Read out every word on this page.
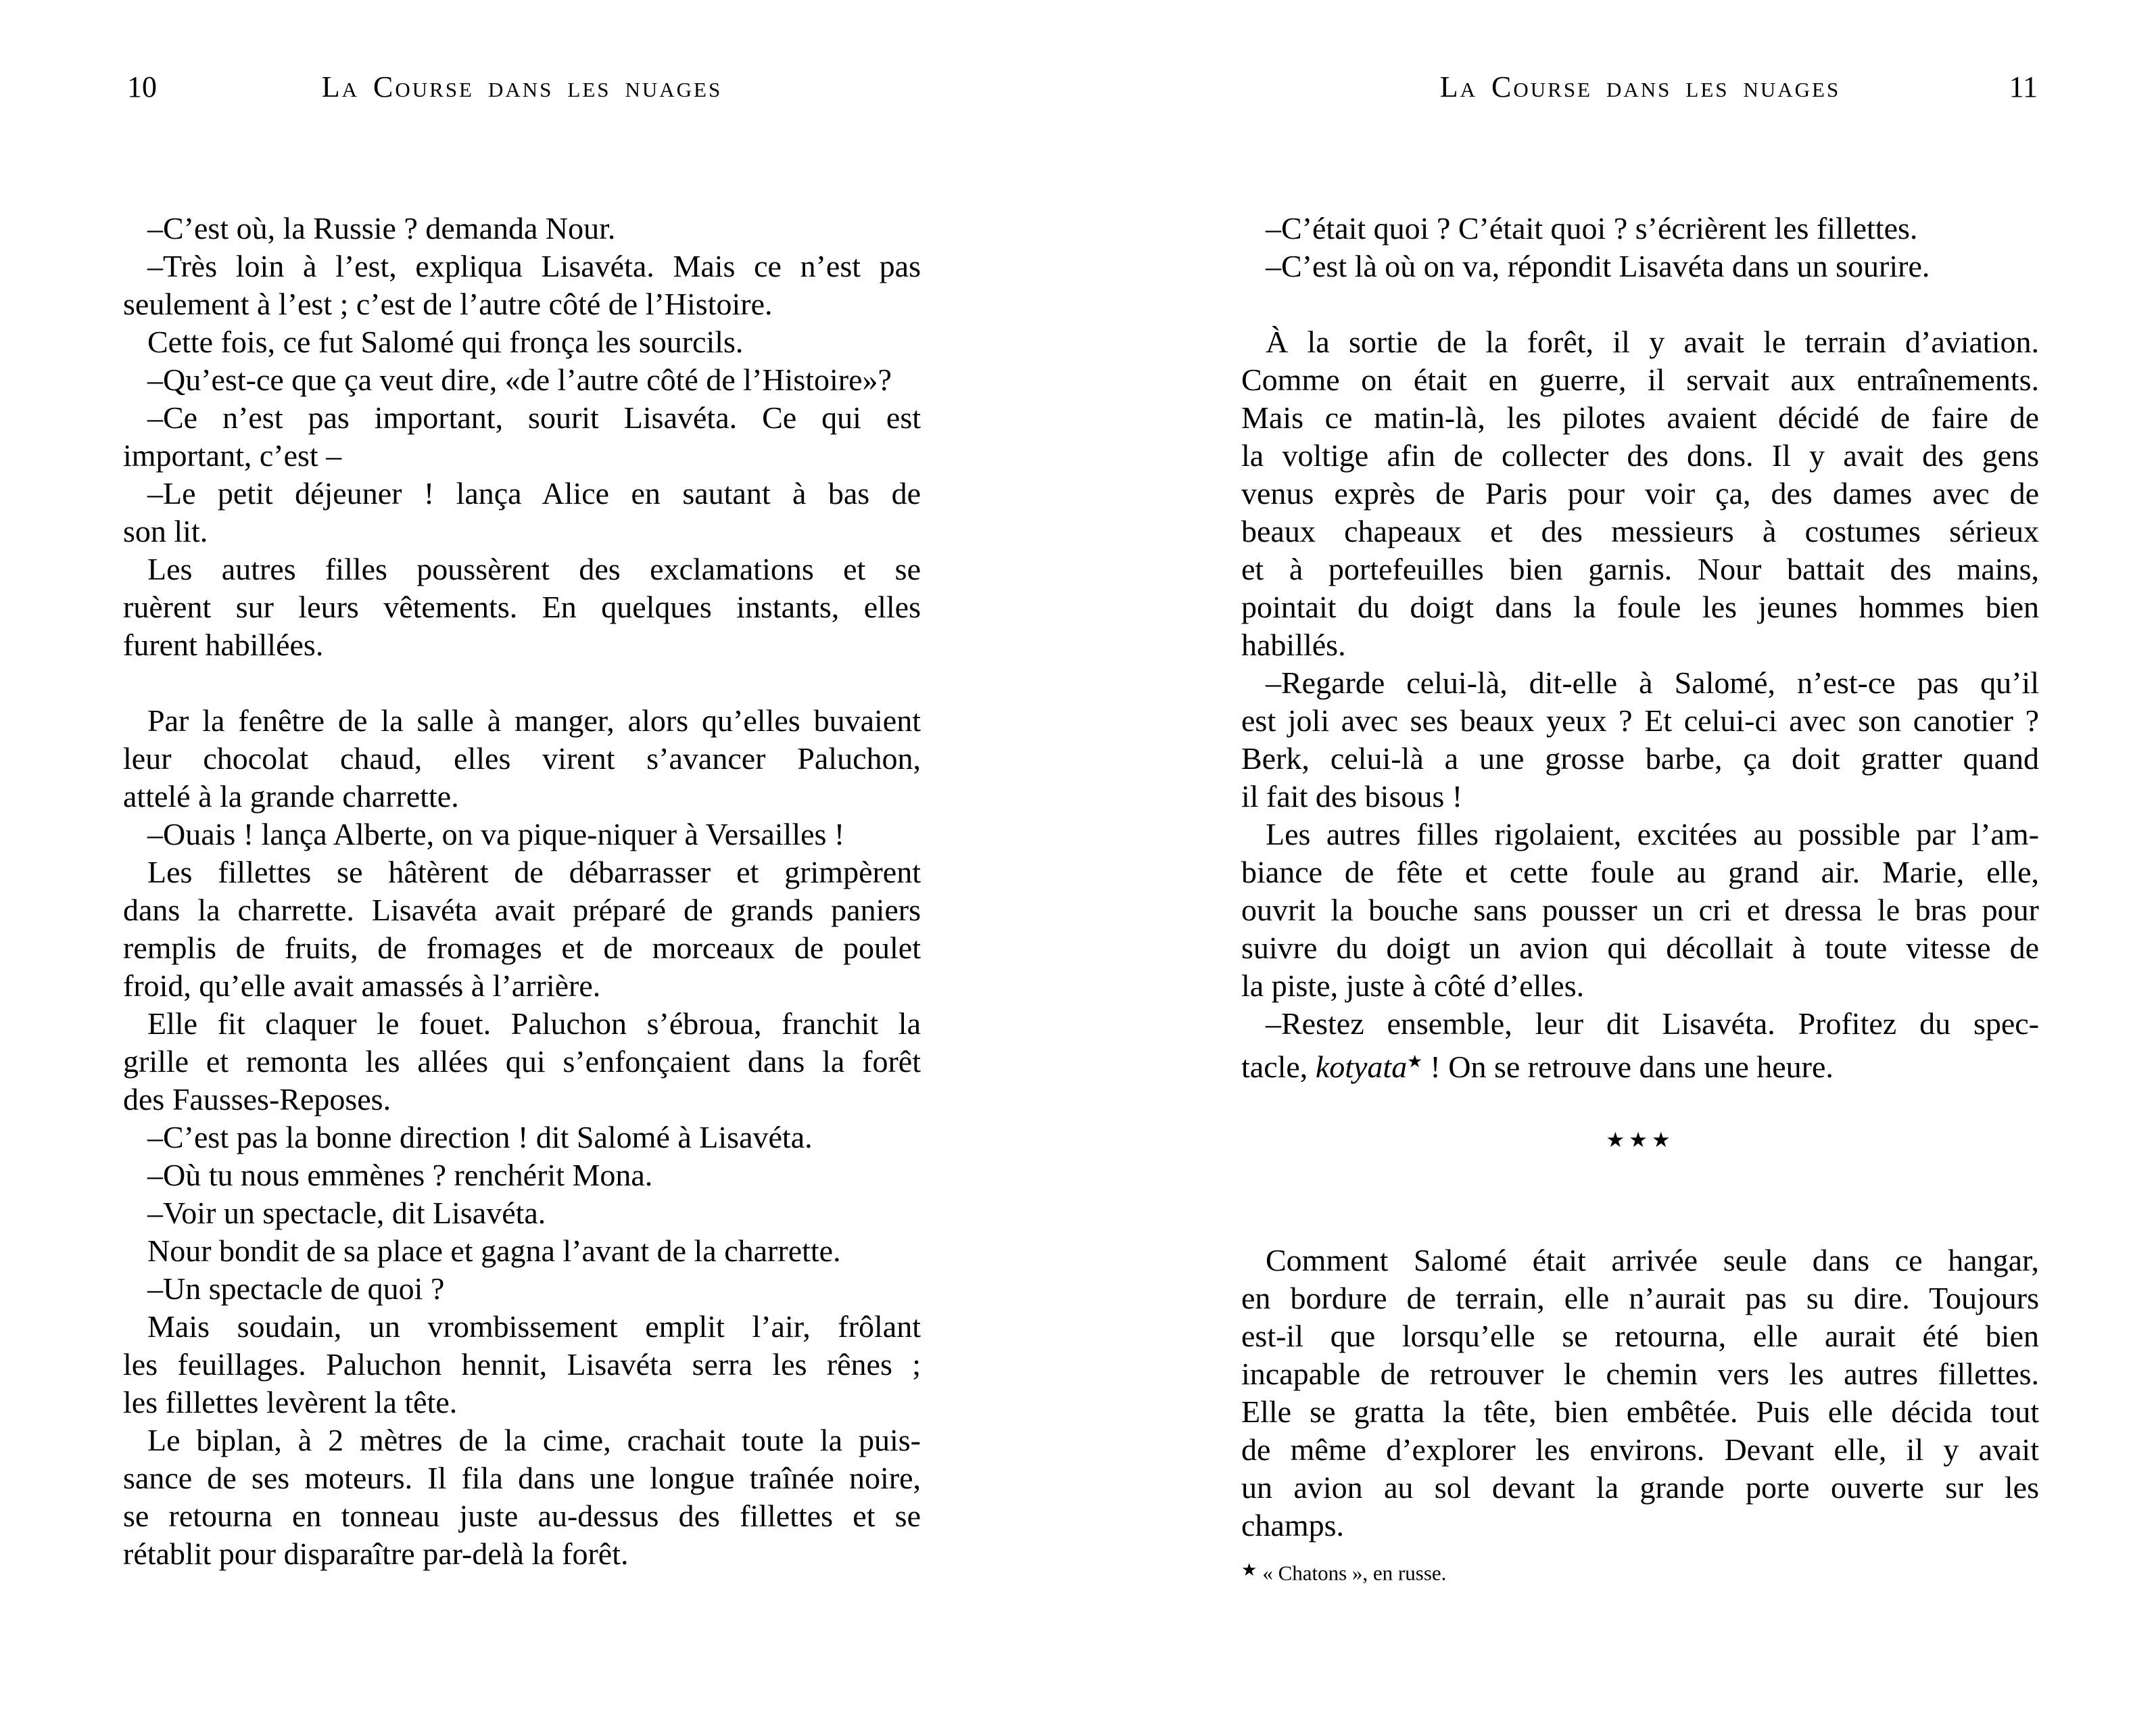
10	La Course dans les nuages
–C’est où, la Russie ? demanda Nour.
–Très loin à l’est, expliqua Lisavéta. Mais ce n’est pas
seulement à l’est ; c’est de l’autre côté de l’Histoire.
Cette fois, ce fut Salomé qui fronça les sourcils.
–Qu’est-ce que ça veut dire, «de l’autre côté de l’Histoire»?
–Ce n’est pas important, sourit Lisavéta. Ce qui est
important, c’est –
–Le petit déjeuner ! lança Alice en sautant à bas de
son lit.
Les autres filles poussèrent des exclamations et se
ruèrent sur leurs vêtements. En quelques instants, elles
furent habillées.
Par la fenêtre de la salle à manger, alors qu’elles buvaient
leur chocolat chaud, elles virent s’avancer Paluchon,
attelé à la grande charrette.
–Ouais ! lança Alberte, on va pique-niquer à Versailles !
Les fillettes se hâtèrent de débarrasser et grimpèrent
dans la charrette. Lisavéta avait préparé de grands paniers
remplis de fruits, de fromages et de morceaux de poulet
froid, qu’elle avait amassés à l’arrière.
Elle fit claquer le fouet. Paluchon s’ébroua, franchit la
grille et remonta les allées qui s’enfonçaient dans la forêt
des Fausses-Reposes.
–C’est pas la bonne direction ! dit Salomé à Lisavéta.
–Où tu nous emmènes ? renchérit Mona.
–Voir un spectacle, dit Lisavéta.
Nour bondit de sa place et gagna l’avant de la charrette.
–Un spectacle de quoi ?
Mais soudain, un vrombissement emplit l’air, frôlant
les feuillages. Paluchon hennit, Lisavéta serra les rênes ;
les fillettes levèrent la tête.
Le biplan, à 2 mètres de la cime, crachait toute la puis-
sance de ses moteurs. Il fila dans une longue traînée noire,
se retourna en tonneau juste au-dessus des fillettes et se
rétablit pour disparaître par-delà la forêt.
La Course dans les nuages	11
–C’était quoi ? C’était quoi ? s’écrièrent les fillettes.
–C’est là où on va, répondit Lisavéta dans un sourire.
À la sortie de la forêt, il y avait le terrain d’aviation.
Comme on était en guerre, il servait aux entraînements.
Mais ce matin-là, les pilotes avaient décidé de faire de
la voltige afin de collecter des dons. Il y avait des gens
venus exprès de Paris pour voir ça, des dames avec de
beaux chapeaux et des messieurs à costumes sérieux
et à portefeuilles bien garnis. Nour battait des mains,
pointait du doigt dans la foule les jeunes hommes bien
habillés.
–Regarde celui-là, dit-elle à Salomé, n’est-ce pas qu’il
est joli avec ses beaux yeux ? Et celui-ci avec son canotier ?
Berk, celui-là a une grosse barbe, ça doit gratter quand
il fait des bisous !
Les autres filles rigolaient, excitées au possible par l’am-
biance de fête et cette foule au grand air. Marie, elle,
ouvrit la bouche sans pousser un cri et dressa le bras pour
suivre du doigt un avion qui décollait à toute vitesse de
la piste, juste à côté d’elles.
–Restez ensemble, leur dit Lisavéta. Profitez du spec-
tacle, kotyata★ ! On se retrouve dans une heure.
★★★
Comment Salomé était arrivée seule dans ce hangar,
en bordure de terrain, elle n’aurait pas su dire. Toujours
est-il que lorsqu’elle se retourna, elle aurait été bien
incapable de retrouver le chemin vers les autres fillettes.
Elle se gratta la tête, bien embêtée. Puis elle décida tout
de même d’explorer les environs. Devant elle, il y avait
un avion au sol devant la grande porte ouverte sur les
champs.
★ « Chatons », en russe.
